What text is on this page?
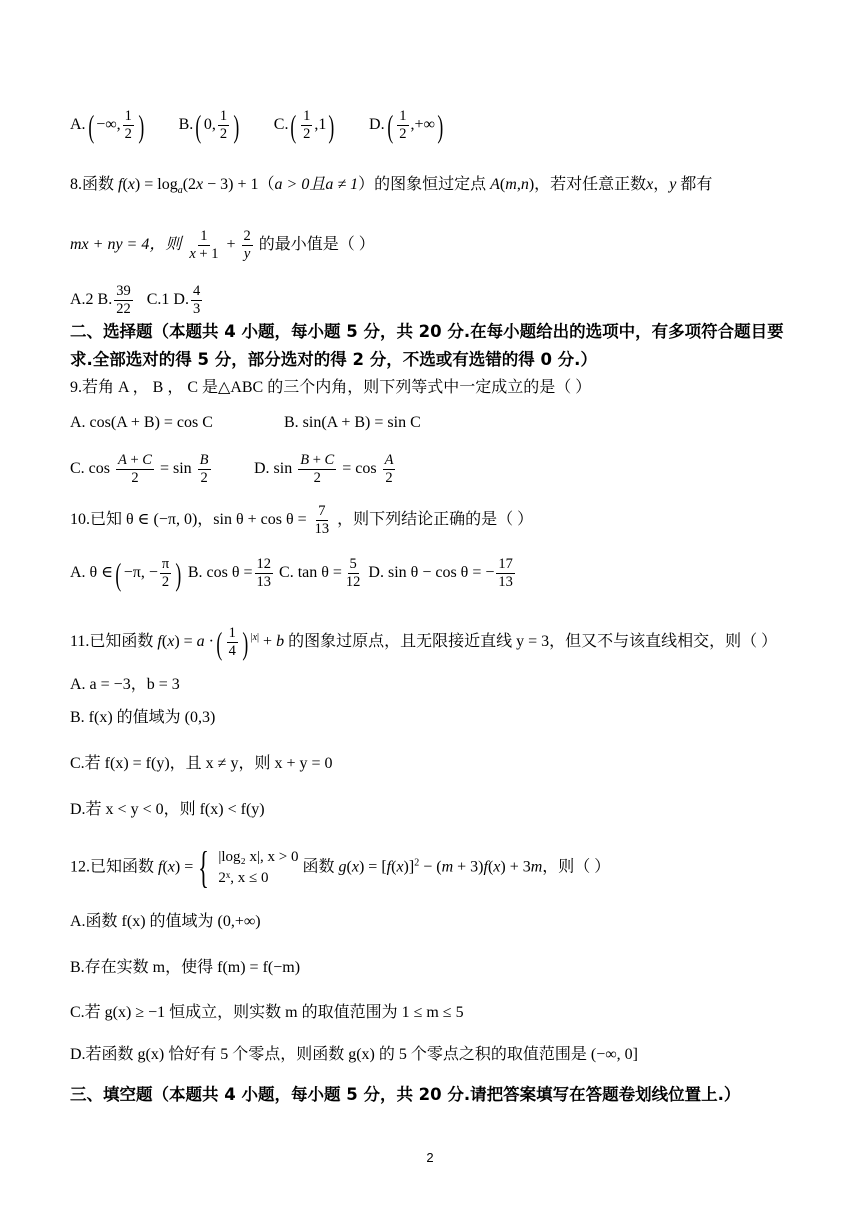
A.( −∞, $\frac{1}{2}$ ) B.( 0, $\frac{1}{2}$ ) $C.( \frac{1}{2} ,1)$ $D.( \frac{1}{2}$ ,+∞)
8.函数 $f(x) = \log_a(2x - 3) + 1(a > 0$且a ≠ 1）的图象恒过定点 A(m,n)，若对任意正数x，y 都有
mx + ny = 4，则 $\frac{1}{x + 1} + \frac{2}{y}$ 的最小值是（ ）
A.2 B. $\frac{39}{22} C.1$ D. $\frac{4}{3}$
二、选择题（本题共 4 小题，每小题 5 分，共 20 分.在每小题给出的选项中，有多项符合题目要
求.全部选对的得 5 分，部分选对的得 2 分，不选或有选错的得 0 分.）
9.若角 A ， B ， C 是△ABC 的三个内角，则下列等式中一定成立的是（ ）
A. cos(A + B) = cos C	B. sin(A + B) = sin C
C. $\cos \frac{A + C}{2} = \sin \frac{B}{2}$	D. $\sin \frac{B + C}{2} = \cos \frac{A}{2}$
10.已知 θ ∈ (−π, 0)，$\sin \theta + \cos \theta = \frac{7}{13}$ ，则下列结论正确的是（ ）
A. θ ∈( −π, − $\frac{\pi}{2}$ ) B. $\cos \theta = \frac{12}{13} C$. $\tan \theta = \frac{5}{12} D$. sin θ − cos θ = − $\frac{17}{13}$
11.已知函数 f(x) = a ·( $\frac{1}{4}$ ) $^{|x|}$ + b 的图象过原点，且无限接近直线 y = 3，但又不与该直线相交，则（ ）
A. a = −3，b = 3
B. f(x) 的值域为 (0,3)
C.若 f(x) = f(y)，且 x ≠ y，则 x + y = 0
D.若 x < y < 0，则 f(x) < f(y)
12.已知函数 f(x) = { |log₂ x|, x > 0
2ˣ, x ≤ 0
函数 $g(x) = [f(x)]^2 - (m + 3)f(x) + 3m$，则（ ）
A.函数 f(x) 的值域为 (0,+∞)
B.存在实数 m，使得 f(m) = f(−m)
C.若 g(x) ≥ −1 恒成立，则实数 m 的取值范围为 1 ≤ m ≤ 5
D.若函数 g(x) 恰好有 5 个零点，则函数 g(x) 的 5 个零点之积的取值范围是 (−∞, 0]
三、填空题（本题共 4 小题，每小题 5 分，共 20 分.请把答案填写在答题卷划线位置上.）
2
